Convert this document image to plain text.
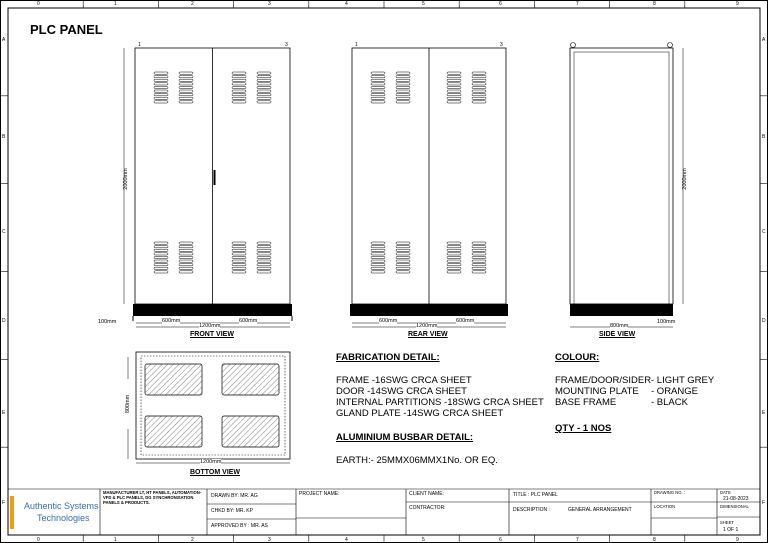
1	3	1	3
PLC PANEL
0
0
1
1
2
2
3
3
4
4
5
5
6
6
7
7
8
8
9
9
A	A
B	B
C	C
D	D
E	E
F	F
2000mm
100mm	600mm	600mm
1200mm
FRONT VIEW
600mm	600mm
1200mm
REAR VIEW
2000mm
800mm
100mm
SIDE VIEW
800mm
1200mm
BOTTOM VIEW
FABRICATION DETAIL:
FRAME -16SWG CRCA SHEET
DOOR -14SWG CRCA SHEET
INTERNAL PARTITIONS -18SWG CRCA SHEET
GLAND PLATE -14SWG CRCA SHEET
ALUMINIUM BUSBAR DETAIL:
EARTH:- 25MMX06MMX1No. OR EQ.
COLOUR:
FRAME/DOOR/SIDER - LIGHT GREY
MOUNTING PLATE - ORANGE
BASE FRAME	- BLACK
QTY - 1 NOS
Authentic Systems
Technologies
MANUFACTURER LT, HT PANELS, AUTOMATION- VFD & PLC PANELS, DG SYNCHRONISATION PANELS & PRODUCTS.
DRAWN BY: MR. AG
CHKD BY: MR. KP
APPROVED BY : MR. AS
PROJECT NAME:	CLIENT NAME:
CONTRACTOR:
TITLE : PLC PANEL
DESCRIPTION :	GENERAL ARRANGEMENT
DRAWING NO. :
LOCATION
DATE
21-08-2023
DIMENSIONAL
SHEET
1 OF 1
